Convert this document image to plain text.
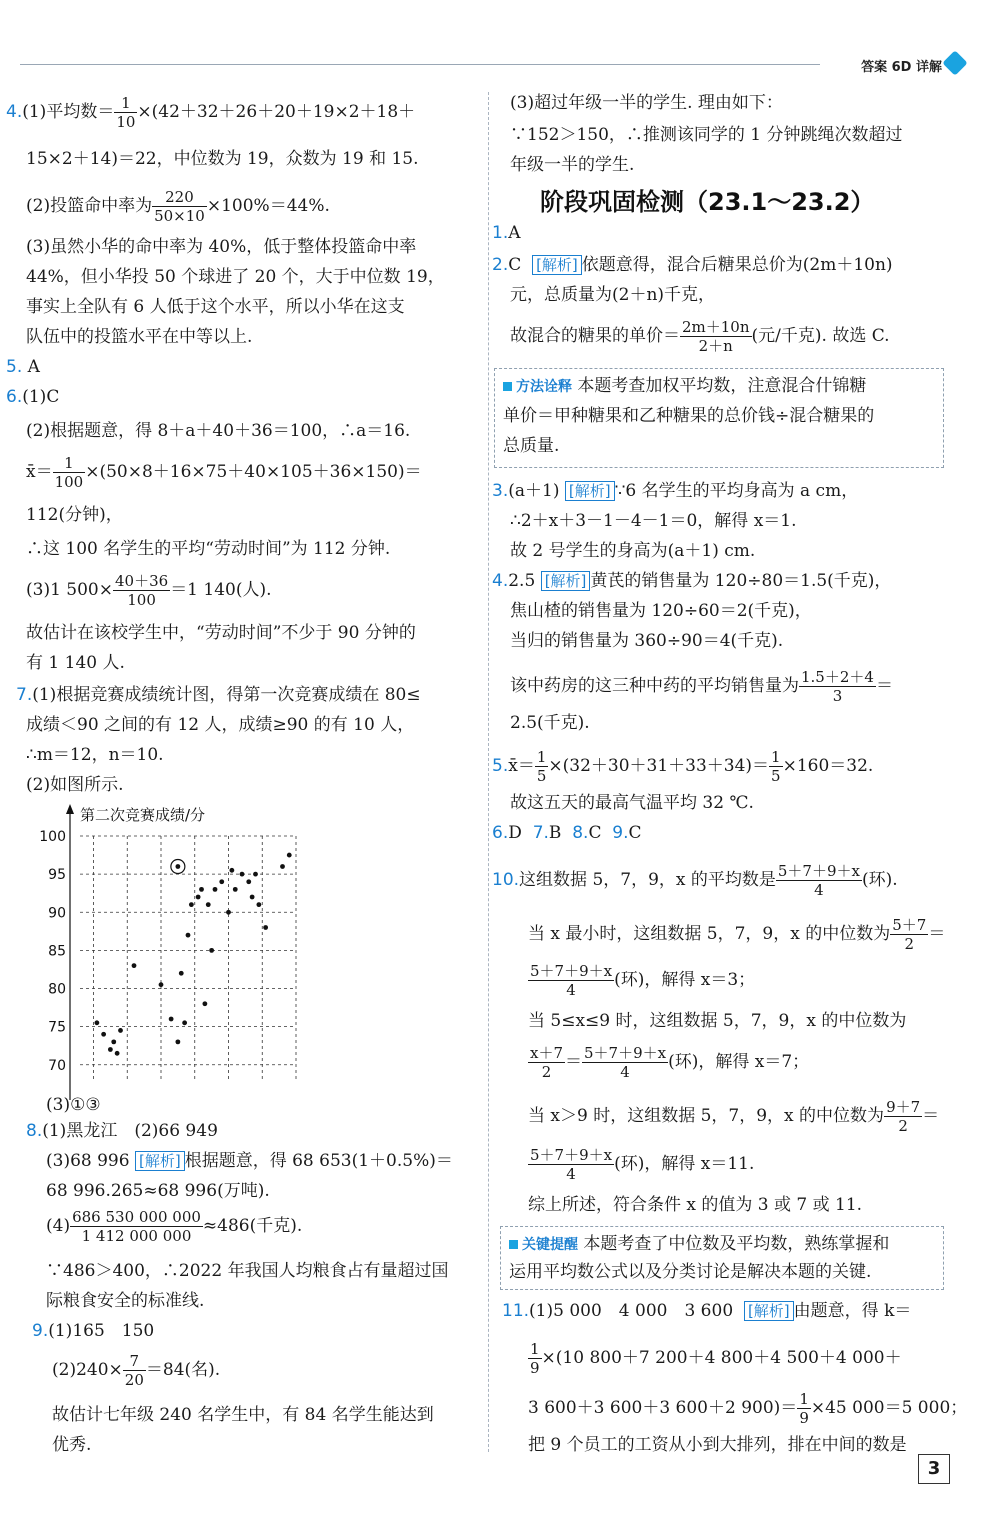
答案 6D 详解
4.(1)平均数＝ $\frac{1}{10} \times(42+32+26+20+19\times 2+18+$
15×2＋14)＝22，中位数为 19，众数为 19 和 15.
(2)投篮命中率为 $\frac{220}{50\times 10} \times 100\%=44\%$.
(3)虽然小华的命中率为 40%，低于整体投篮命中率
44%，但小华投 50 个球进了 20 个，大于中位数 19，
事实上全队有 6 人低于这个水平，所以小华在这支
队伍中的投篮水平在中等以上.
5. A
6.(1)C
(2)根据题意，得 8＋a＋40＋36＝100，∴a＝16.
x̄＝ $\frac{1}{100} \times(50\times 8+16\times 75+40\times 105+36\times 150)=$
112(分钟)，
∴这 100 名学生的平均“劳动时间”为 112 分钟.
(3)1 $500\times \frac{40+36}{100} =1$ 140(人).
故估计在该校学生中，“劳动时间”不少于 90 分钟的
有 1 140 人.
7.(1)根据竞赛成绩统计图，得第一次竞赛成绩在 80≤
成绩＜90 之间的有 12 人，成绩≥90 的有 10 人，
∴m＝12，n＝10.
(2)如图所示.
70
75
80
85
90
95
100
第二次竞赛成绩/分
(3)①③
8.(1)黑龙江　(2)66 949
(3)68 996 [解析] 根据题意，得 68 653(1＋0.5%)＝
68 996.265≈68 996(万吨).
$(4) \frac{686 530 000 000}{1 412 000 000} \approx 486$(千克).
∵486＞400，∴2022 年我国人均粮食占有量超过国
际粮食安全的标准线.
9.(1)165　150
$(2)240\times \frac{7}{20} =84$(名).
故估计七年级 240 名学生中，有 84 名学生能达到
优秀.
(3)超过年级一半的学生. 理由如下：
∵152＞150，∴推测该同学的 1 分钟跳绳次数超过
年级一半的学生.
阶段巩固检测（23.1～23.2）
1.A
2.C [解析] 依题意得，混合后糖果总价为(2m＋10n)
元，总质量为(2＋n)千克，
故混合的糖果的单价＝ $\frac{2m+10n}{2+n}$ (元/千克). 故选 C.
方法诠释 本题考查加权平均数，注意混合什锦糖
单价＝甲种糖果和乙种糖果的总价钱÷混合糖果的
总质量.
3.(a＋1) [解析] ∵6 名学生的平均身高为 a cm，
∴2＋x＋3－1－4－1＝0，解得 x＝1.
故 2 号学生的身高为(a＋1) cm.
4.2.5 [解析] 黄芪的销售量为 120÷80＝1.5(千克)，
焦山楂的销售量为 120÷60＝2(千克)，
当归的销售量为 360÷90＝4(千克).
该中药房的这三种中药的平均销售量为 $\frac{1.5+2+4}{3}$ ＝
2.5(千克).
5.x̄＝ $\frac{1}{5} \times(32+30+31+33+34)= \frac{1}{5} \times 160=32$.
故这五天的最高气温平均 32 ℃.
6.D 7.B 8.C 9.C
10.这组数据 5，7，9，x 的平均数是 $\frac{5+7+9+x}{4}$ (环).
当 x 最小时，这组数据 5，7，9，x 的中位数为 $\frac{5+7}{2}$ ＝
$\frac{5+7+9+x}{4}$ (环)，解得 x＝3；
当 5≤x≤9 时，这组数据 5，7，9，x 的中位数为
$\frac{x+7}{2} = \frac{5+7+9+x}{4}$ (环)，解得 x＝7；
当 x＞9 时，这组数据 5，7，9，x 的中位数为 $\frac{9+7}{2}$ ＝
$\frac{5+7+9+x}{4}$ (环)，解得 x＝11.
综上所述，符合条件 x 的值为 3 或 7 或 11.
关键提醒 本题考查了中位数及平均数，熟练掌握和
运用平均数公式以及分类讨论是解决本题的关键.
11.(1)5 000　4 000　3 600 [解析] 由题意，得 k＝
$\frac{1}{9} \times(10$ 800＋7 200＋4 800＋4 500＋4 000＋
3 600＋3 600＋3 600＋2 $900)= \frac{1}{9} \times 45$ 000＝5 000；
把 9 个员工的工资从小到大排列，排在中间的数是
3
